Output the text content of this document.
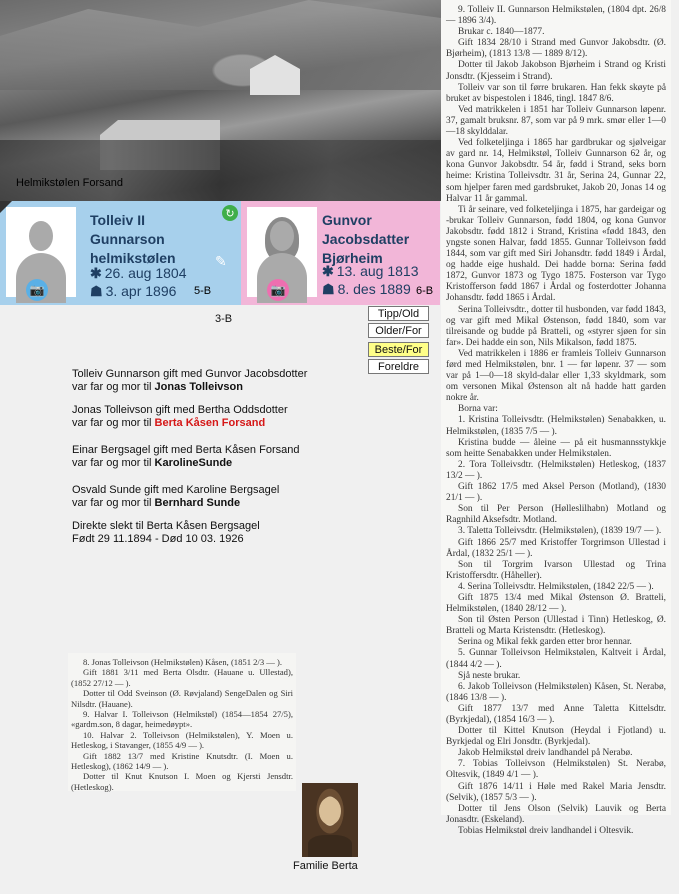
Helmikstølen Forsand
📷
Tolleiv II Gunnarson helmikstølen
✱ 26. aug 1804
☗ 3. apr 1896 5-B
↻
✎
📷
Gunvor Jacobsdatter Bjørheim
✱ 13. aug 1813
☗ 8. des 1889 6-B
3-B	Tipp/Old
Older/For
Beste/For
Foreldre

Tolleiv Gunnarson gift med Gunvor Jacobsdotter
var far og mor til Jonas Tolleivson

Jonas Tolleivson gift med Bertha Oddsdotter
var far og mor til Berta Kåsen Forsand

Einar Bergsagel gift med Berta Kåsen Forsand
var far og mor til KarolineSunde

Osvald Sunde gift med Karoline Bergsagel
var far og mor til Bernhard Sunde

Direkte slekt til Berta Kåsen Bergsagel
Født 29 11.1894 - Død 10 03. 1926

9. Tolleiv II. Gunnarson Helmikstølen, (1804 dpt. 26/8 — 1896 3/4).

Brukar c. 1840—1877.

Gift 1834 28/10 i Strand med Gunvor Jakobsdtr. (Ø. Bjørheim), (1813 13/8 — 1889 8/12).

Dotter til Jakob Jakobson Bjørheim i Strand og Kristi Jonsdtr. (Kjesseim i Strand).

Tolleiv var son til førre brukaren. Han fekk skøyte på bruket av bispestolen i 1846, tingl. 1847 8/6.

Ved matrikkelen i 1851 har Tolleiv Gunnarson løpenr. 37, gamalt bruksnr. 87, som var på 9 mrk. smør eller 1—0—18 skylddalar.

Ved folketeljinga i 1865 har gardbrukar og sjølveigar av gard nr. 14, Helmikstøl, Tolleiv Gunnarson 62 år, og kona Gunvor Jakobsdtr. 54 år, fødd i Strand, seks born heime: Kristina Tolleivsdtr. 31 år, Serina 24, Gunnar 22, som hjelper faren med gardsbruket, Jakob 20, Jonas 14 og Halvar 11 år gammal.

Ti år seinare, ved folketeljinga i 1875, har gardeigar og -brukar Tolleiv Gunnarson, fødd 1804, og kona Gunvor Jakobsdtr. fødd 1812 i Strand, Kristina «fødd 1843, den yngste sonen Halvar, fødd 1855. Gunnar Tolleivson fødd 1844, som var gift med Siri Johansdtr. fødd 1849 i Årdal, og hadde eige hushald. Dei hadde borna: Serina fødd 1872, Gunvor 1873 og Tygo 1875. Fosterson var Tygo Kristofferson fødd 1867 i Årdal og fosterdotter Johanna Johansdtr. fødd 1865 i Årdal.

Serina Tolleivsdtr., dotter til husbonden, var fødd 1843, og var gift med Mikal Østenson, fødd 1840, som var tilreisande og budde på Bratteli, og «styrer sjøen for sin far». Dei hadde ein son, Nils Mikalson, fødd 1875.

Ved matrikkelen i 1886 er framleis Tolleiv Gunnarson førd med Helmikstølen, bnr. 1 — før løpenr. 37 — som var på 1—0—18 skyld-dalar eller 1,33 skyldmark, som om versonen Mikal Østenson alt nå hadde hatt garden nokre år.

Borna var:

1. Kristina Tolleivsdtr. (Helmikstølen) Senabakken, u. Helmikstølen, (1835 7/5 — ).

Kristina budde — åleine — på eit husmannsstykkje som heitte Senabakken under Helmikstølen.

2. Tora Tolleivsdtr. (Helmikstølen) Hetleskog, (1837 13/2 — ).

Gift 1862 17/5 med Aksel Person (Motland), (1830 21/1 — ).

Son til Per Person (Hølleslilhabn) Motland og Ragnhild Aksefsdtr. Motland.

3. Taletta Tolleivsdtr. (Helmikstølen), (1839 19/7 — ).

Gift 1866 25/7 med Kristoffer Torgrimson Ullestad i Årdal, (1832 25/1 — ).

Son til Torgrim Ivarson Ullestad og Trina Kristoffersdtr. (Håheller).

4. Serina Tolleivsdtr. Helmikstølen, (1842 22/5 — ).

Gift 1875 13/4 med Mikal Østenson Ø. Bratteli, Helmikstølen, (1840 28/12 — ).

Son til Østen Person (Ullestad i Tinn) Hetleskog, Ø. Bratteli og Marta Kristensdtr. (Hetleskog).

Serina og Mikal fekk garden etter bror hennar.

5. Gunnar Tolleivson Helmikstølen, Kaltveit i Årdal, (1844 4/2 — ).

Sjå neste brukar.

6. Jakob Tolleivson (Helmikstølen) Kåsen, St. Nerabø, (1846 13/8 — ).

Gift 1877 13/7 med Anne Taletta Kittelsdtr. (Byrkjedal), (1854 16/3 — ).

Dotter til Kittel Knutson (Heydal i Fjotland) u. Byrkjedal og Elri Jonsdtr. (Byrkjedal).

Jakob Helmikstøl dreiv landhandel på Nerabø.

7. Tobias Tolleivson (Helmikstølen) St. Nerabø, Oltesvik, (1849 4/1 — ).

Gift 1876 14/11 i Høle med Rakel Maria Jensdtr. (Selvik), (1857 5/3 — ).

Dotter til Jens Olson (Selvik) Lauvik og Berta Jonasdtr. (Eskeland).

Tobias Helmikstøl dreiv landhandel i Oltesvik.

8. Jonas Tolleivson (Helmikstølen) Kåsen, (1851 2/3 — ).

Gift 1881 3/11 med Berta Olsdtr. (Hauane u. Ullestad), (1852 27/12 — ).

Dotter til Odd Sveinson (Ø. Røvjaland) SengeDalen og Siri Nilsdtr. (Hauane).

9. Halvar I. Tolleivson (Helmikstøl) (1854—1854 27/5), «gardm.son, 8 dagar, heimedøypt».

10. Halvar 2. Tolleivson (Helmikstølen), Y. Moen u. Hetleskog, i Stavanger, (1855 4/9 — ).

Gift 1882 13/7 med Kristine Knutsdtr. (I. Moen u. Hetleskog), (1862 14/9 — ).

Dotter til Knut Knutson I. Moen og Kjersti Jensdtr. (Hetleskog).

Familie Berta
